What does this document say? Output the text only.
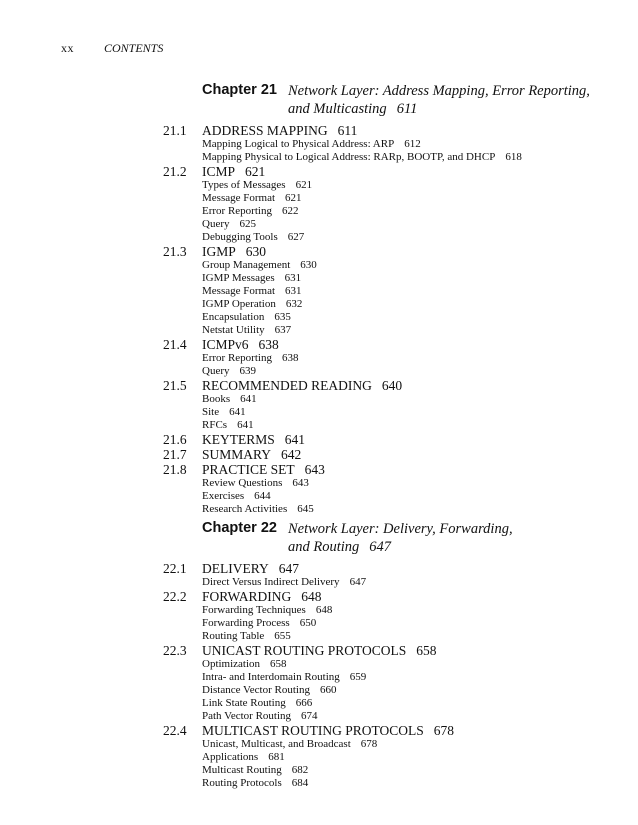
xx	CONTENTS
Chapter 21 Network Layer: Address Mapping, Error Reporting,
and Multicasting 611
21.1 ADDRESS MAPPING 611
Mapping Logical to Physical Address: ARP 612
Mapping Physical to Logical Address: RARp, BOOTP, and DHCP 618
21.2 ICMP 621
Types of Messages 621
Message Format 621
Error Reporting 622
Query 625
Debugging Tools 627
21.3 IGMP 630
Group Management 630
IGMP Messages 631
Message Format 631
IGMP Operation 632
Encapsulation 635
Netstat Utility 637
21.4 ICMPv6 638
Error Reporting 638
Query 639
21.5 RECOMMENDED READING 640
Books 641
Site 641
RFCs 641
21.6 KEYTERMS 641
21.7 SUMMARY 642
21.8 PRACTICE SET 643
Review Questions 643
Exercises 644
Research Activities 645
Chapter 22 Network Layer: Delivery, Forwarding,
and Routing 647
22.1 DELIVERY 647
Direct Versus Indirect Delivery 647
22.2 FORWARDING 648
Forwarding Techniques 648
Forwarding Process 650
Routing Table 655
22.3 UNICAST ROUTING PROTOCOLS 658
Optimization 658
Intra- and Interdomain Routing 659
Distance Vector Routing 660
Link State Routing 666
Path Vector Routing 674
22.4 MULTICAST ROUTING PROTOCOLS 678
Unicast, Multicast, and Broadcast 678
Applications 681
Multicast Routing 682
Routing Protocols 684
